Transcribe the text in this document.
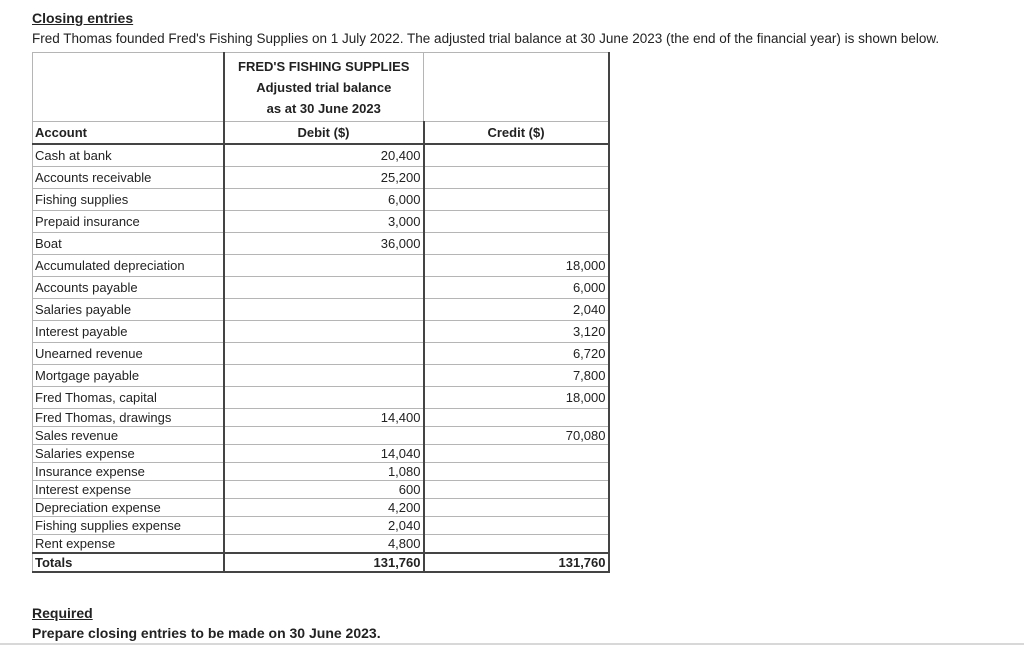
Closing entries
Fred Thomas founded Fred's Fishing Supplies on 1 July 2022. The adjusted trial balance at 30 June 2023 (the end of the financial year) is shown below.

	FRED'S FISHING SUPPLIES
Adjusted trial balance
as at 30 June 2023	

Account	Debit ($)	Credit ($)
Cash at bank	20,400	
Accounts receivable	25,200	
Fishing supplies	6,000	
Prepaid insurance	3,000	
Boat	36,000	
Accumulated depreciation		18,000
Accounts payable		6,000
Salaries payable		2,040
Interest payable		3,120
Unearned revenue		6,720
Mortgage payable		7,800
Fred Thomas, capital		18,000
Fred Thomas, drawings	14,400	
Sales revenue		70,080
Salaries expense	14,040	
Insurance expense	1,080	
Interest expense	600	
Depreciation expense	4,200	
Fishing supplies expense	2,040	
Rent expense	4,800	
Totals	131,760	131,760
Required
Prepare closing entries to be made on 30 June 2023.
